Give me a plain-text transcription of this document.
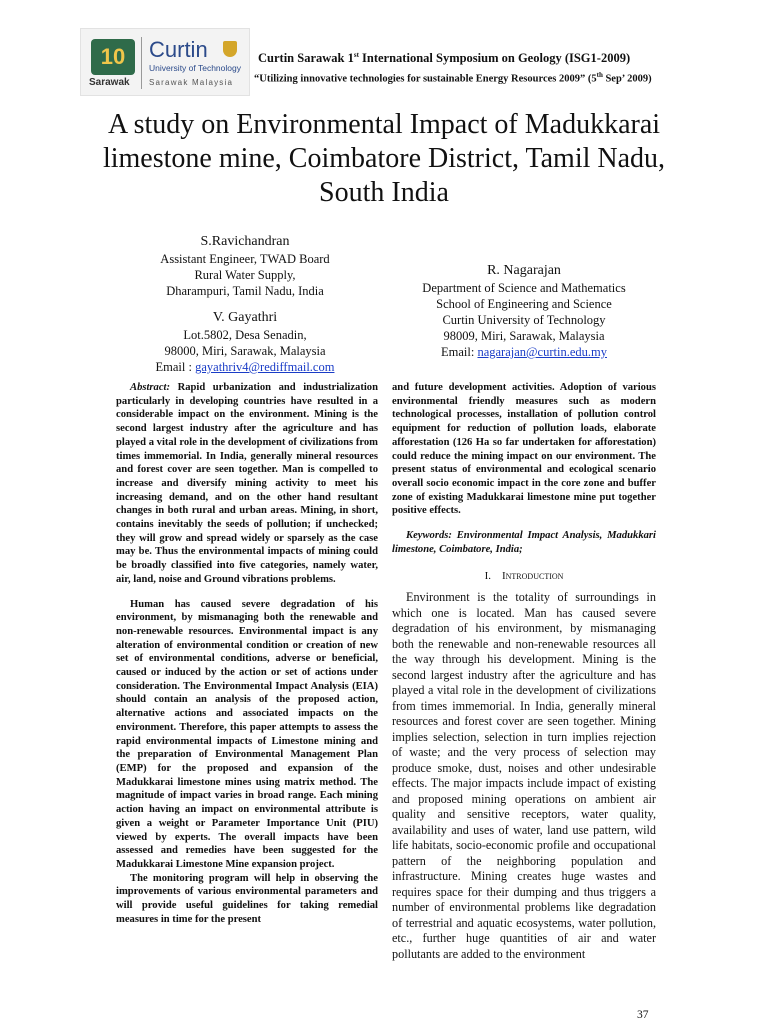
10
Sarawak
Curtin
University of Technology
Sarawak Malaysia
Curtin Sarawak 1st International Symposium on Geology (ISG1-2009)
“Utilizing innovative technologies for sustainable Energy Resources 2009” (5th Sep’ 2009)
A study on Environmental Impact of Madukkarai limestone mine, Coimbatore District, Tamil Nadu, South India
S.Ravichandran
Assistant Engineer, TWAD Board
Rural Water Supply,
Dharampuri, Tamil Nadu, India
V. Gayathri
Lot.5802, Desa Senadin,
98000, Miri, Sarawak, Malaysia
Email : gayathriv4@rediffmail.com
R. Nagarajan
Department of Science and Mathematics
School of Engineering and Science
Curtin University of Technology
98009, Miri, Sarawak, Malaysia
Email: nagarajan@curtin.edu.my

Abstract: Rapid urbanization and industrialization particularly in developing countries have resulted in a considerable impact on the environment. Mining is the second largest industry after the agriculture and has played a vital role in the development of civilizations from times immemorial. In India, generally mineral resources and forest cover are seen together. Man is compelled to increase and diversify mining activity to meet his increasing demand, and on the other hand resultant changes in both rural and urban areas. Mining, in short, contains inevitably the seeds of pollution; if unchecked; they will grow and spread widely or sparsely as the case may be. Thus the environmental impacts of mining could be broadly classified into five categories, namely water, air, land, noise and Ground vibrations problems.

Human has caused severe degradation of his environment, by mismanaging both the renewable and non-renewable resources. Environmental impact is any alteration of environmental condition or creation of new set of environmental conditions, adverse or beneficial, caused or induced by the action or set of actions under consideration. The Environmental Impact Analysis (EIA) should contain an analysis of the proposed action, alternative actions and associated impacts on the environment. Therefore, this paper attempts to assess the rapid environmental impacts of Limestone mining and the preparation of Environmental Management Plan (EMP) for the proposed and expansion of the Madukkarai limestone mines using matrix method. The magnitude of impact varies in broad range. Each mining action having an impact on environmental attribute is given a weight or Parameter Importance Unit (PIU) viewed by experts. The overall impacts have been assessed and remedies have been suggested for the Madukkarai Limestone Mine expansion project.

The monitoring program will help in observing the improvements of various environmental parameters and will provide useful guidelines for taking remedial measures in time for the present

and future development activities. Adoption of various environmental friendly measures such as modern technological processes, installation of pollution control equipment for reduction of pollution loads, elaborate afforestation (126 Ha so far undertaken for afforestation) could reduce the mining impact on our environment. The present status of environmental and ecological scenario overall socio economic impact in the core zone and buffer zone of existing Madukkarai limestone mine put together positive effects.

Keywords: Environmental Impact Analysis, Madukkari limestone, Coimbatore, India;

I. Introduction

Environment is the totality of surroundings in which one is located. Man has caused severe degradation of his environment, by mismanaging both the renewable and non-renewable resources all the way through his development. Mining is the second largest industry after the agriculture and has played a vital role in the development of civilizations from times immemorial. In India, generally mineral resources and forest cover are seen together. Mining implies selection, selection in turn implies rejection of waste; and the very process of selection may produce smoke, dust, noises and other undesirable effects. The major impacts include impact of existing and proposed mining operations on ambient air quality and sensitive receptors, water quality, availability and uses of water, land use pattern, wild life habitats, socio-economic profile and occupational pattern of the neighboring population and infrastructure. Mining creates huge wastes and requires space for their dumping and thus triggers a number of environmental problems like degradation of terrestrial and aquatic ecosystems, water pollution, etc., further huge quantities of air and water pollutants are added to the environment

37
